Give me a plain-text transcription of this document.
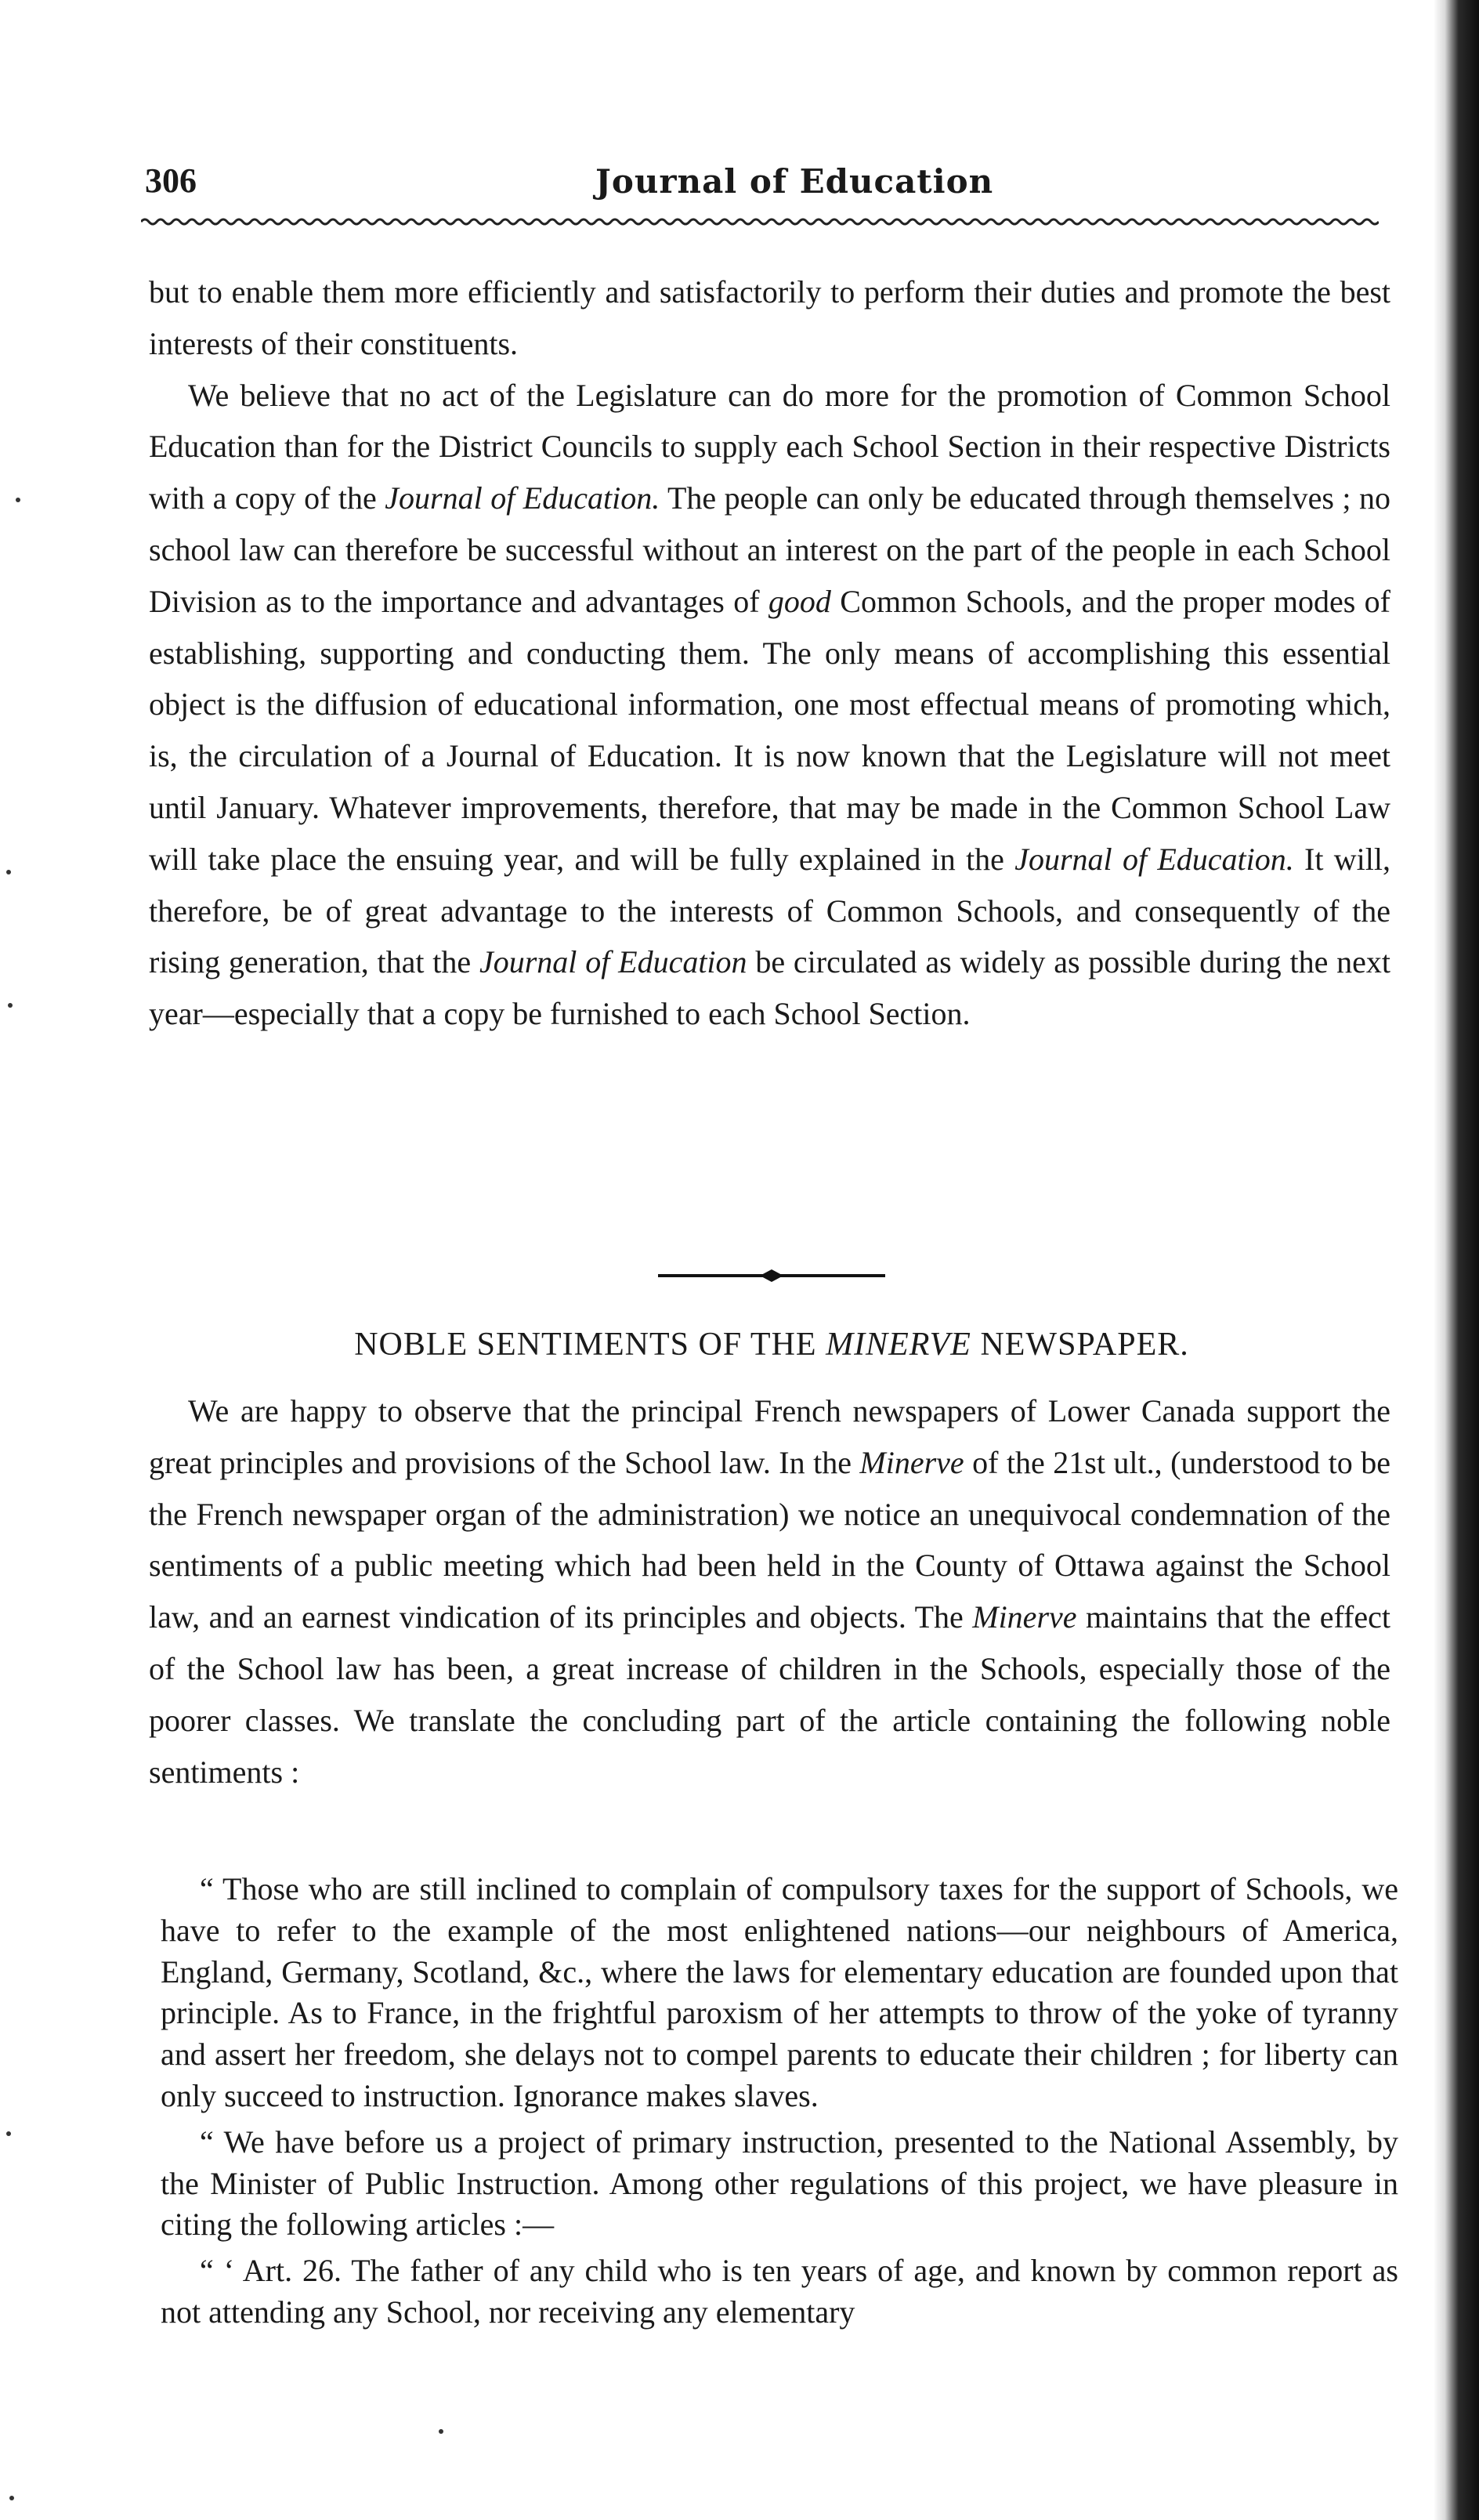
306	Journal of Education

but to enable them more efficiently and satisfactorily to perform their duties and promote the best interests of their constituents.

We believe that no act of the Legislature can do more for the promotion of Common School Education than for the District Councils to supply each School Section in their respective Districts with a copy of the Journal of Education. The people can only be educated through themselves ; no school law can therefore be successful without an interest on the part of the people in each School Division as to the importance and advantages of good Common Schools, and the proper modes of establishing, supporting and conducting them. The only means of accomplishing this essential object is the diffusion of educational information, one most effectual means of promoting which, is, the circulation of a Journal of Education. It is now known that the Legislature will not meet until January. Whatever improvements, therefore, that may be made in the Common School Law will take place the ensuing year, and will be fully explained in the Journal of Education. It will, therefore, be of great advantage to the interests of Common Schools, and consequently of the rising generation, that the Journal of Education be circulated as widely as possible during the next year—especially that a copy be furnished to each School Section.

NOBLE SENTIMENTS OF THE MINERVE NEWSPAPER.

We are happy to observe that the principal French newspapers of Lower Canada support the great principles and provisions of the School law. In the Minerve of the 21st ult., (understood to be the French newspaper organ of the administration) we notice an unequivocal condemnation of the sentiments of a public meeting which had been held in the County of Ottawa against the School law, and an earnest vindication of its principles and objects. The Minerve maintains that the effect of the School law has been, a great increase of children in the Schools, especially those of the poorer classes. We translate the concluding part of the article containing the following noble sentiments :

“ Those who are still inclined to complain of compulsory taxes for the support of Schools, we have to refer to the example of the most enlightened nations—our neighbours of America, England, Germany, Scotland, &c., where the laws for elementary education are founded upon that principle. As to France, in the frightful paroxism of her attempts to throw of the yoke of tyranny and assert her freedom, she delays not to compel parents to educate their children ; for liberty can only succeed to instruction. Ignorance makes slaves.

“ We have before us a project of primary instruction, presented to the National Assembly, by the Minister of Public Instruction. Among other regulations of this project, we have pleasure in citing the following articles :—

“ ‘ Art. 26. The father of any child who is ten years of age, and known by common report as not attending any School, nor receiving any elementary
